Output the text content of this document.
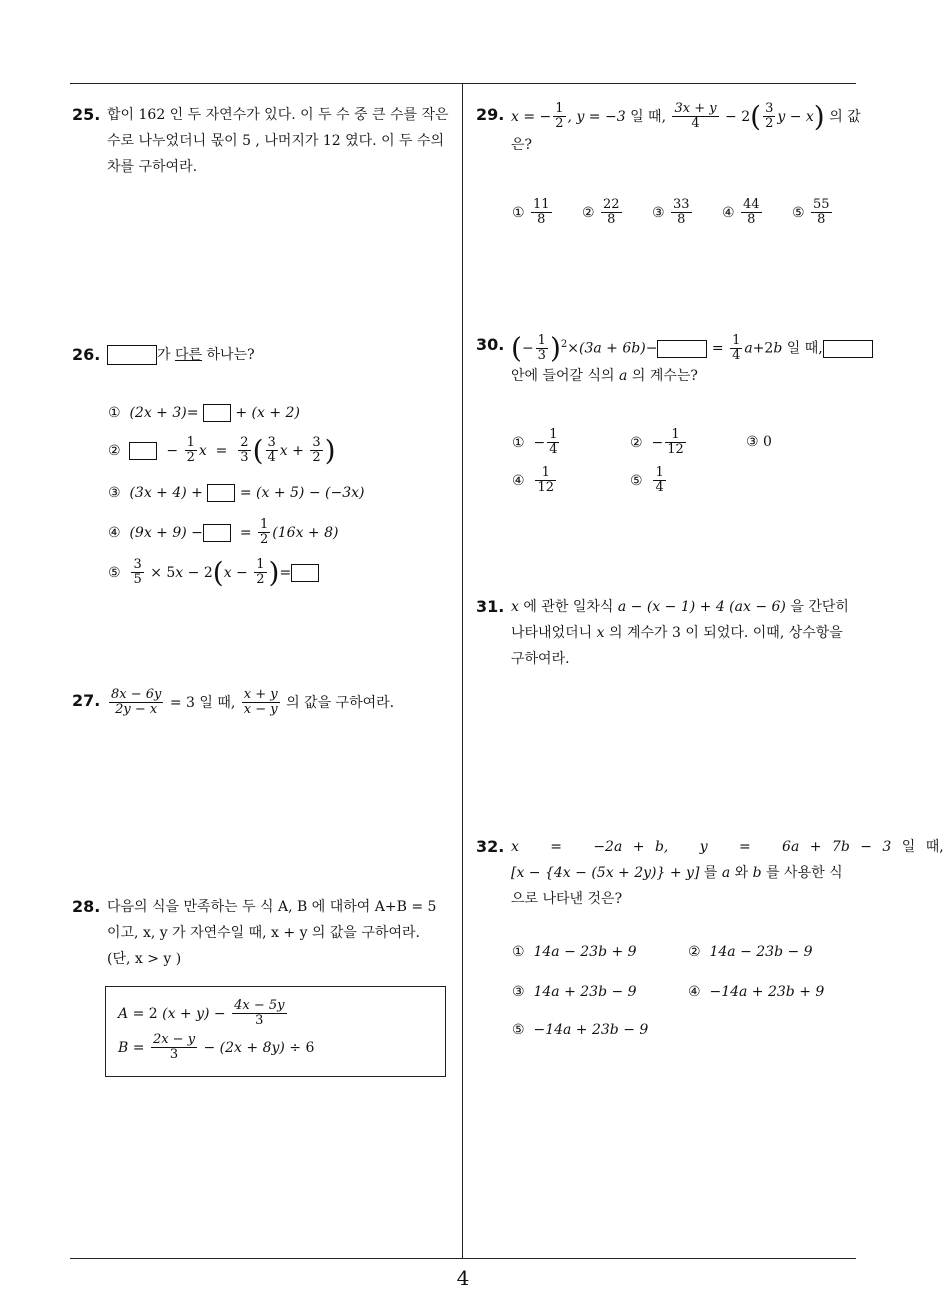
4
25. 합이 162 인 두 자연수가 있다. 이 두 수 중 큰 수를 작은 수로 나누었더니 몫이 5 , 나머지가 12 였다. 이 두 수의 차를 구하여라.
26.	가 다른 하나는?
① (2x + 3)=  + (x + 2)
②	− $\frac{1}{2}$ $x = \frac{2}{3}$ ( $\frac{3}{4}$ $x + \frac{3}{2}$ )
③ (3x + 4) +  = (x + 5) − (−3x)
④ (9x + 9) −  = $\frac{1}{2} (16x + 8)$
⑤ $\frac{3}{5} \times 5x - 2(x - \frac{1}{2}$ )=
27. $\frac{8x - 6y}{2y - x} = 3$ 일 때, $\frac{x + y}{x - y}$ 의 값을 구하여라.
28. 다음의 식을 만족하는 두 식 A, B 에 대하여 A+B = 5
이고, x, y 가 자연수일 때, x + y 의 값을 구하여라.
(단, x > y )
A = 2 $(x + y) - \frac{4x - 5y}{3}$
$B = \frac{2x - y}{3} - (2x + 8y) \div 6$
29. x = − $\frac{1}{2}$ , y = −3 일 때, $\frac{3x + y}{4} - 2( \frac{3}{2}$ y − x) 의 값
은?
① $\frac{11}{8}$ ② $\frac{22}{8}$ ③ $\frac{33}{8}$ ④ $\frac{44}{8}$ ⑤ $\frac{55}{8}$
30. (− $\frac{1}{3} )^2\times(3a + 6b)-$	= $\frac{1}{4} a+2b$ 일 때,
안에 들어갈 식의 a 의 계수는?
①  − $\frac{1}{4}$	②  − $\frac{1}{12}$	③ 0
④ $\frac{1}{12}$	⑤ $\frac{1}{4}$
31. x 에 관한 일차식 a − (x − 1) + 4 (ax − 6) 을 간단히
나타내었더니 x 의 계수가 3 이 되었다. 이때, 상수항을
구하여라.
32. x   =   −2a + b,   y   =   6a + 7b − 3 일 때,
[x − {4x − (5x + 2y)} + y] 를 a 와 b 를 사용한 식
으로 나타낸 것은?
① 14a − 23b + 9	② 14a − 23b − 9
③ 14a + 23b − 9	④ −14a + 23b + 9
⑤ −14a + 23b − 9
